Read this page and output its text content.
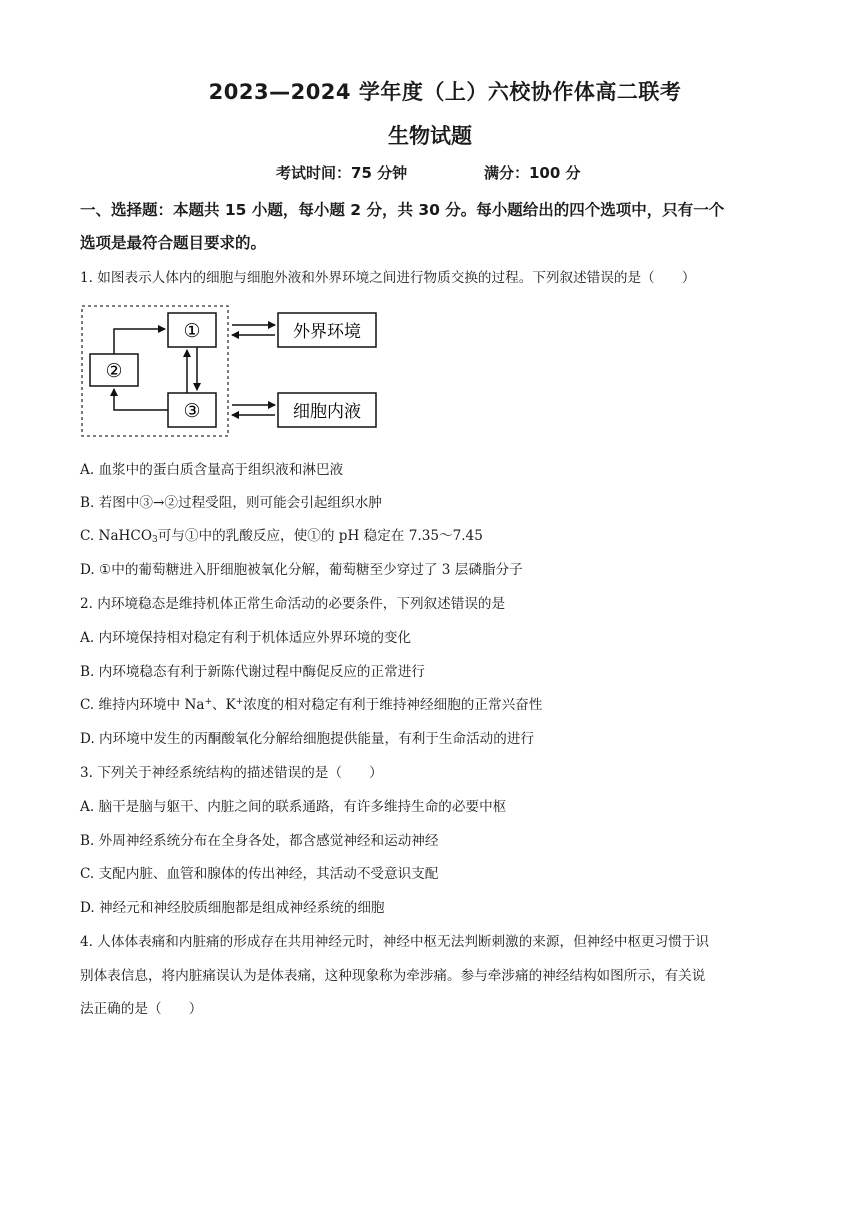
2023—2024 学年度（上）六校协作体高二联考
生物试题
考试时间：75 分钟	满分：100 分
一、选择题：本题共 15 小题，每小题 2 分，共 30 分。每小题给出的四个选项中，只有一个
选项是最符合题目要求的。
1. 如图表示人体内的细胞与细胞外液和外界环境之间进行物质交换的过程。下列叙述错误的是（　　）
①
②
③
外界环境
细胞内液
A. 血浆中的蛋白质含量高于组织液和淋巴液
B. 若图中③→②过程受阻，则可能会引起组织水肿
C. NaHCO$_3$可与①中的乳酸反应，使①的 pH 稳定在 7.35～7.45
D. ①中的葡萄糖进入肝细胞被氧化分解，葡萄糖至少穿过了 3 层磷脂分子
2. 内环境稳态是维持机体正常生命活动的必要条件，下列叙述错误的是
A. 内环境保持相对稳定有利于机体适应外界环境的变化
B. 内环境稳态有利于新陈代谢过程中酶促反应的正常进行
C. 维持内环境中 Na+、K+浓度的相对稳定有利于维持神经细胞的正常兴奋性
D. 内环境中发生的丙酮酸氧化分解给细胞提供能量，有利于生命活动的进行
3. 下列关于神经系统结构的描述错误的是（　　）
A. 脑干是脑与躯干、内脏之间的联系通路，有许多维持生命的必要中枢
B. 外周神经系统分布在全身各处，都含感觉神经和运动神经
C. 支配内脏、血管和腺体的传出神经，其活动不受意识支配
D. 神经元和神经胶质细胞都是组成神经系统的细胞
4. 人体体表痛和内脏痛的形成存在共用神经元时，神经中枢无法判断刺激的来源，但神经中枢更习惯于识
别体表信息，将内脏痛误认为是体表痛，这种现象称为牵涉痛。参与牵涉痛的神经结构如图所示，有关说
法正确的是（　　）
